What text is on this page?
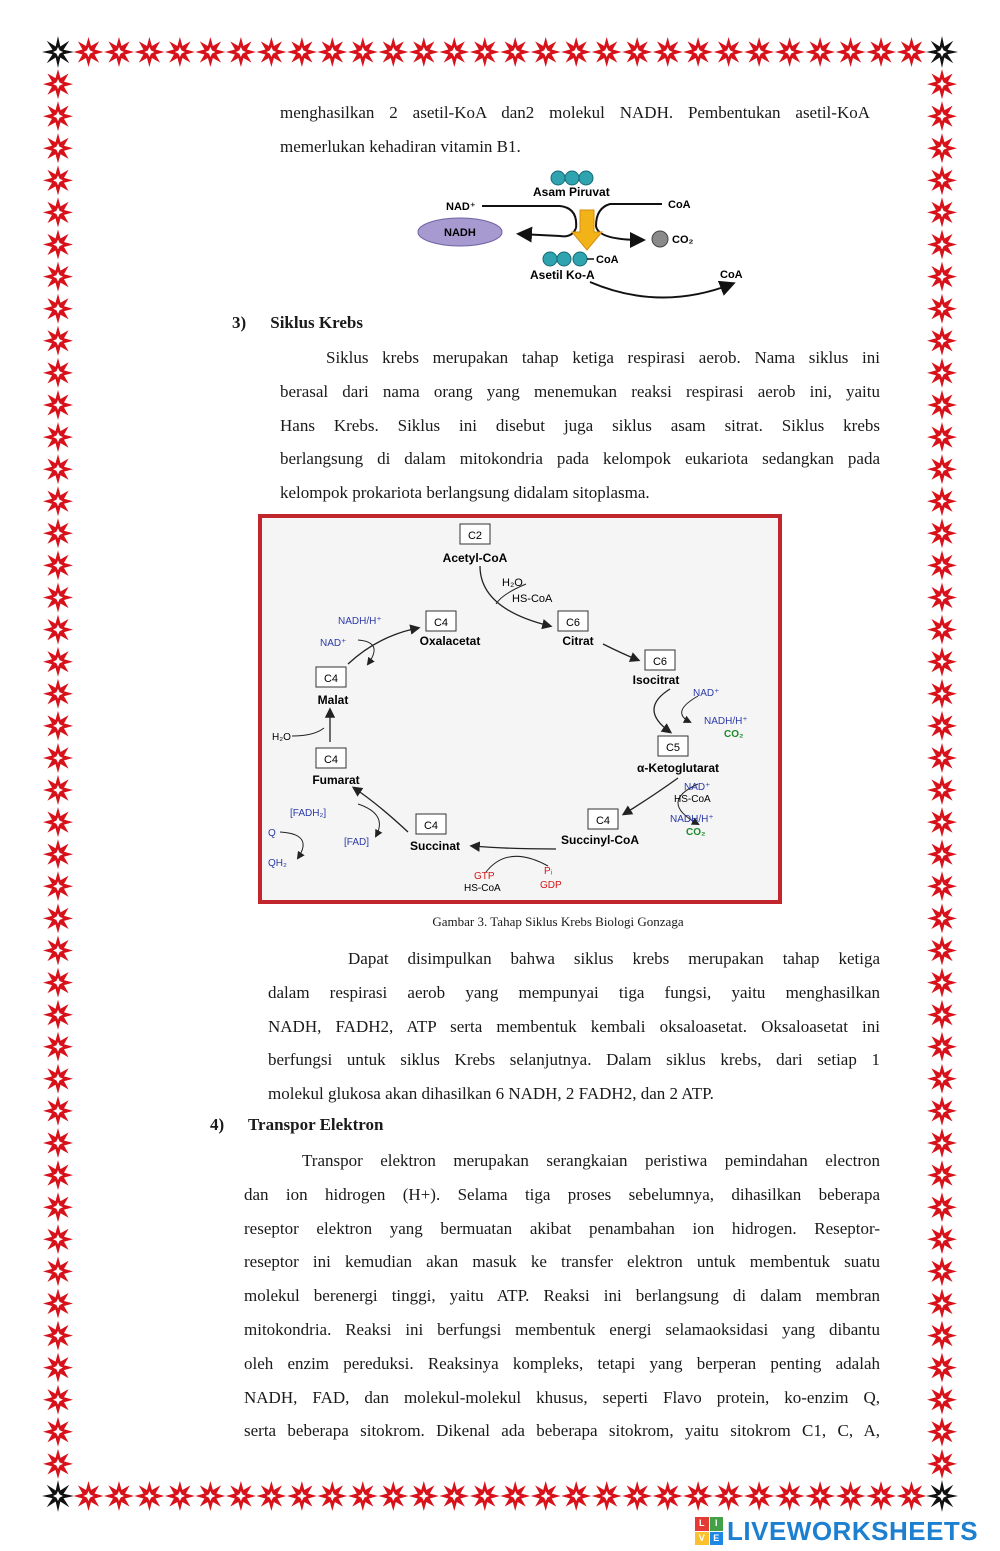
menghasilkan 2 asetil-KoA dan2 molekul NADH. Pembentukan asetil-KoA
memerlukan kehadiran vitamin B1.
Asam Piruvat
NAD⁺	CoA
NADH
CO₂
CoA
Asetil Ko-A	CoA
3) Siklus Krebs
Siklus krebs merupakan tahap ketiga respirasi aerob. Nama siklus ini
berasal dari nama orang yang menemukan reaksi respirasi aerob ini, yaitu
Hans Krebs. Siklus ini disebut juga siklus asam sitrat. Siklus krebs
berlangsung di dalam mitokondria pada kelompok eukariota sedangkan pada
kelompok prokariota berlangsung didalam sitoplasma.
C2
Acetyl-CoA
C6
Citrat
C6
Isocitrat
C5
α-Ketoglutarat
C4
Succinyl-CoA
C4
Succinat
C4
Fumarat
C4
Malat
C4
Oxalacetat
H₂O
HS-CoA
NAD⁺
NADH/H⁺
CO₂
NAD⁺
HS-CoA
NADH/H⁺
CO₂
GTP
HS-CoA
Pᵢ
GDP
[FADH₂]
[FAD]
Q
QH₂
H₂O
NADH/H⁺
NAD⁺
Gambar 3. Tahap Siklus Krebs Biologi Gonzaga
Dapat disimpulkan bahwa siklus krebs merupakan tahap ketiga
dalam respirasi aerob yang mempunyai tiga fungsi, yaitu menghasilkan
NADH, FADH2, ATP serta membentuk kembali oksaloasetat. Oksaloasetat ini
berfungsi untuk siklus Krebs selanjutnya. Dalam siklus krebs, dari setiap 1
molekul glukosa akan dihasilkan 6 NADH, 2 FADH2, dan 2 ATP.
4) Transpor Elektron
Transpor elektron merupakan serangkaian peristiwa pemindahan electron
dan ion hidrogen (H+). Selama tiga proses sebelumnya, dihasilkan beberapa
reseptor elektron yang bermuatan akibat penambahan ion hidrogen. Reseptor-
reseptor ini kemudian akan masuk ke transfer elektron untuk membentuk suatu
molekul berenergi tinggi, yaitu ATP. Reaksi ini berlangsung di dalam membran
mitokondria. Reaksi ini berfungsi membentuk energi selamaoksidasi yang dibantu
oleh enzim pereduksi. Reaksinya kompleks, tetapi yang berperan penting adalah
NADH, FAD, dan molekul-molekul khusus, seperti Flavo protein, ko-enzim Q,
serta beberapa sitokrom. Dikenal ada beberapa sitokrom, yaitu sitokrom C1, C, A,
L	I
V E LIVEWORKSHEETS
